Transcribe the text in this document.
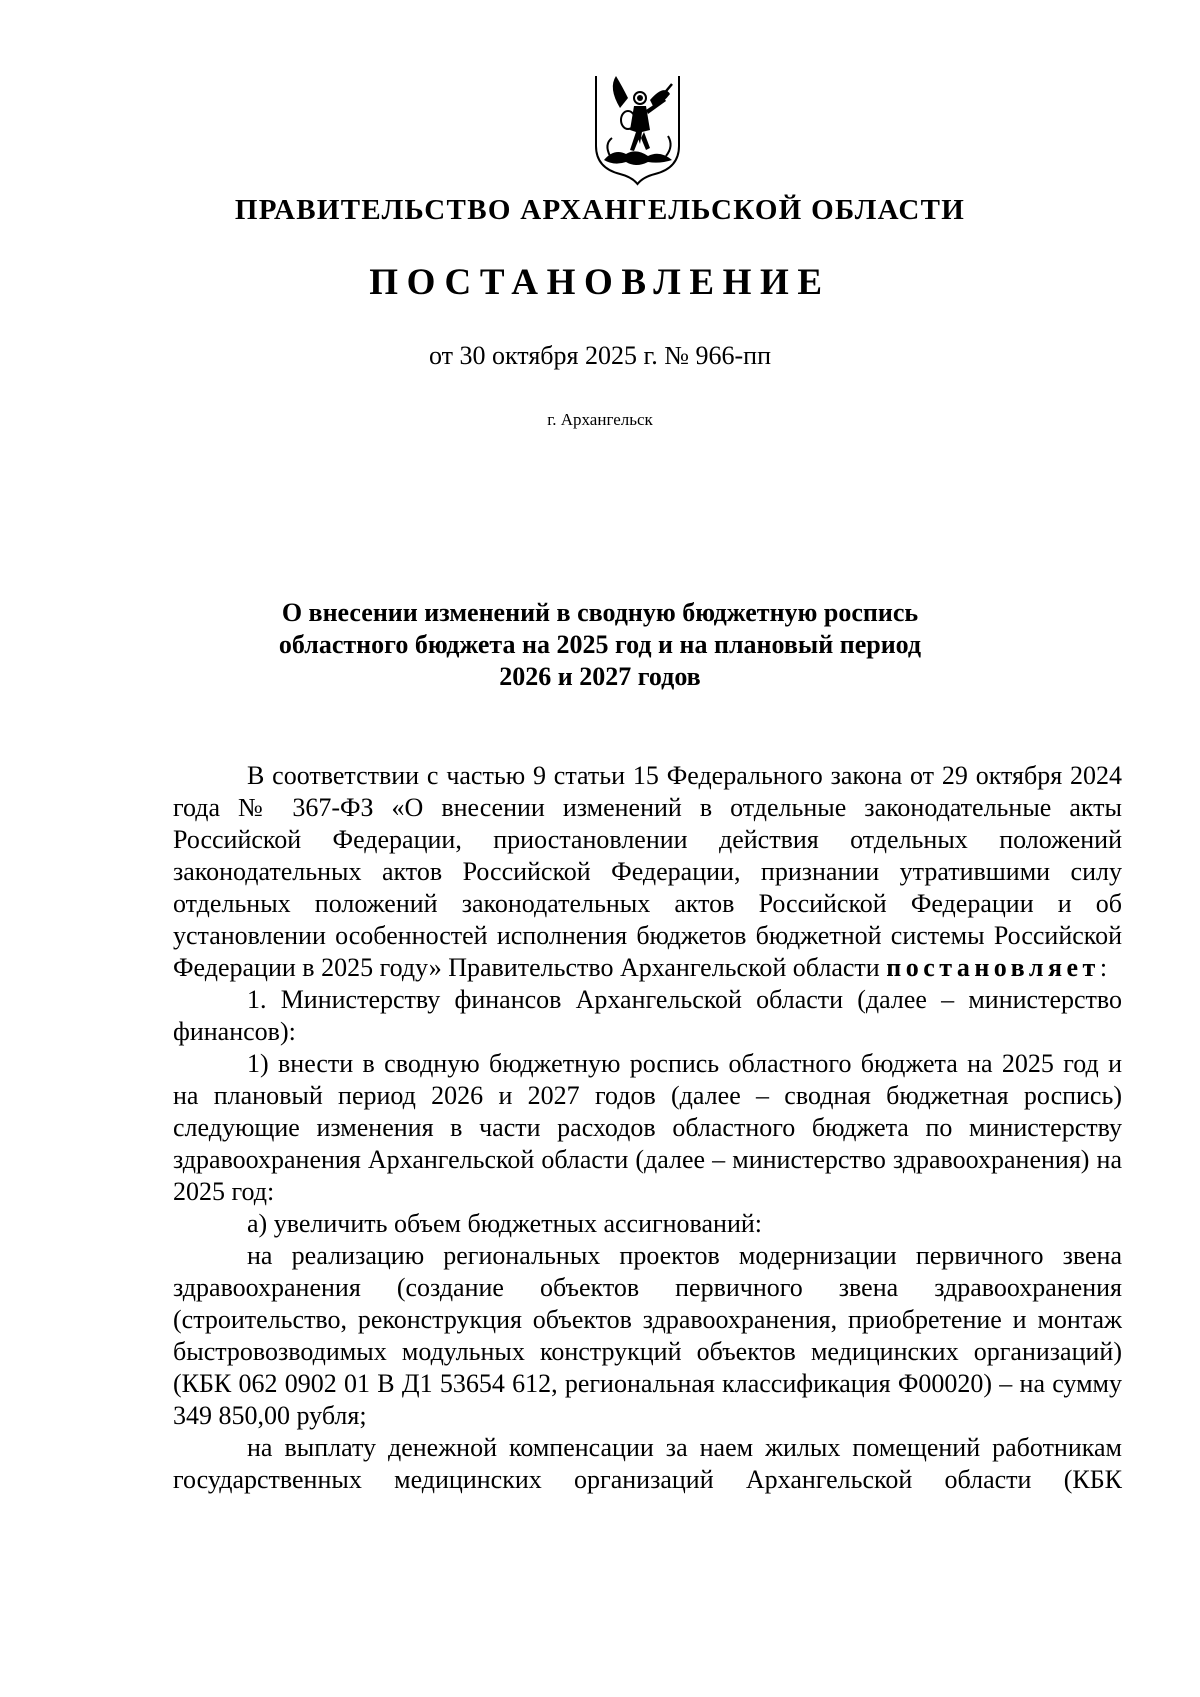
ПРАВИТЕЛЬСТВО АРХАНГЕЛЬСКОЙ ОБЛАСТИ
ПОСТАНОВЛЕНИЕ
от 30 октября 2025 г. № 966-пп
г. Архангельск
О внесении изменений в сводную бюджетную роспись
областного бюджета на 2025 год и на плановый период
2026 и 2027 годов

В соответствии с частью 9 статьи 15 Федерального закона от 29 октября 2024 года № 367-ФЗ «О внесении изменений в отдельные законодательные акты Российской Федерации, приостановлении действия отдельных положений законодательных актов Российской Федерации, признании утратившими силу отдельных положений законодательных актов Российской Федерации и об установлении особенностей исполнения бюджетов бюджетной системы Российской Федерации в 2025 году» Правительство Архангельской области постановляет:

1. Министерству финансов Архангельской области (далее – министерство финансов):

1) внести в сводную бюджетную роспись областного бюджета на 2025 год и на плановый период 2026 и 2027 годов (далее – сводная бюджетная роспись) следующие изменения в части расходов областного бюджета по министерству здравоохранения Архангельской области (далее – министерство здравоохранения) на 2025 год:

а) увеличить объем бюджетных ассигнований:

на реализацию региональных проектов модернизации первичного звена здравоохранения (создание объектов первичного звена здравоохранения (строительство, реконструкция объектов здравоохранения, приобретение и монтаж быстровозводимых модульных конструкций объектов медицинских организаций) (КБК 062 0902 01 В Д1 53654 612, региональная классификация Ф00020) – на сумму 349 850,00 рубля;

на выплату денежной компенсации за наем жилых помещений работникам государственных медицинских организаций Архангельской области (КБК
